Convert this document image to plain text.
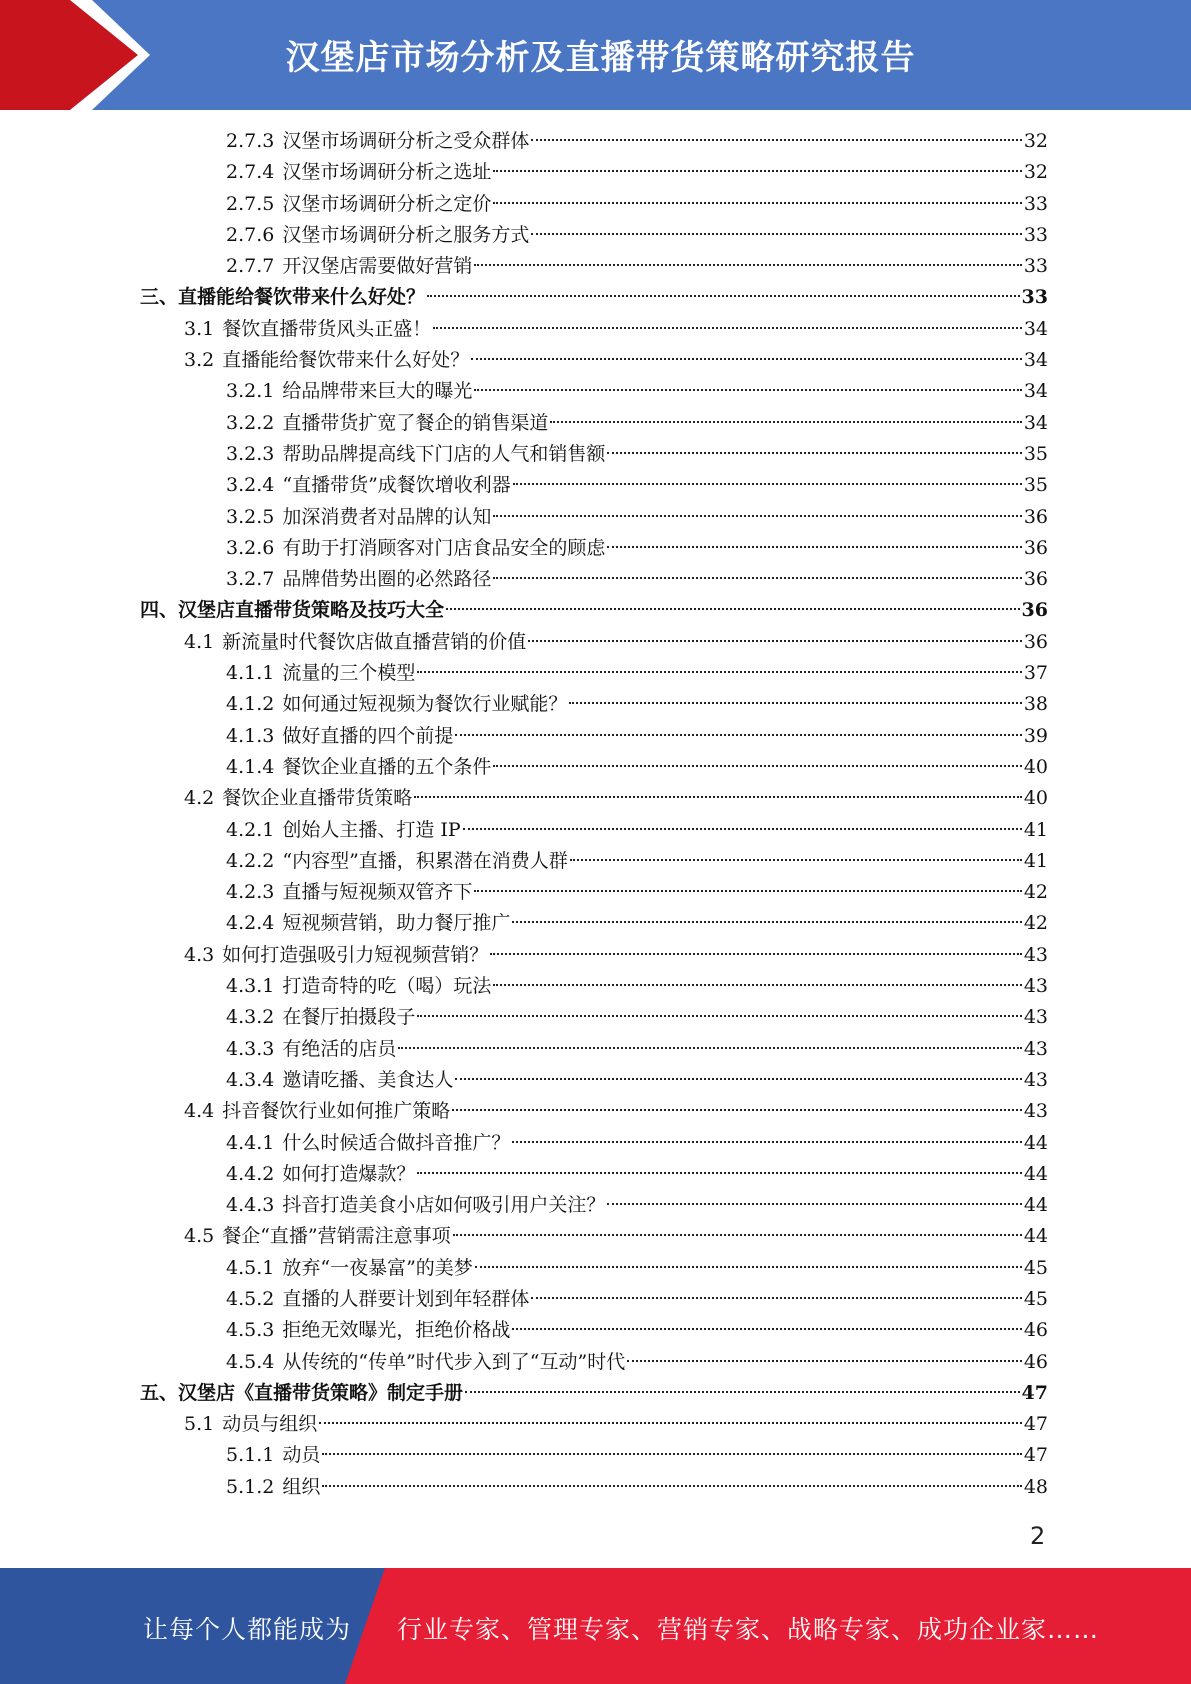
汉堡店市场分析及直播带货策略研究报告
2.7.3 汉堡市场调研分析之受众群体	32
2.7.4 汉堡市场调研分析之选址	32
2.7.5 汉堡市场调研分析之定价	33
2.7.6 汉堡市场调研分析之服务方式	33
2.7.7 开汉堡店需要做好营销	33
三、直播能给餐饮带来什么好处？	33
3.1 餐饮直播带货风头正盛！	34
3.2 直播能给餐饮带来什么好处？	34
3.2.1 给品牌带来巨大的曝光	34
3.2.2 直播带货扩宽了餐企的销售渠道	34
3.2.3 帮助品牌提高线下门店的人气和销售额	35
3.2.4 “直播带货”成餐饮增收利器	35
3.2.5 加深消费者对品牌的认知	36
3.2.6 有助于打消顾客对门店食品安全的顾虑	36
3.2.7 品牌借势出圈的必然路径	36
四、汉堡店直播带货策略及技巧大全	36
4.1 新流量时代餐饮店做直播营销的价值	36
4.1.1 流量的三个模型	37
4.1.2 如何通过短视频为餐饮行业赋能？	38
4.1.3 做好直播的四个前提	39
4.1.4 餐饮企业直播的五个条件	40
4.2 餐饮企业直播带货策略	40
4.2.1 创始人主播、打造 IP	41
4.2.2 “内容型”直播，积累潜在消费人群	41
4.2.3 直播与短视频双管齐下	42
4.2.4 短视频营销，助力餐厅推广	42
4.3 如何打造强吸引力短视频营销？	43
4.3.1 打造奇特的吃（喝）玩法	43
4.3.2 在餐厅拍摄段子	43
4.3.3 有绝活的店员	43
4.3.4 邀请吃播、美食达人	43
4.4 抖音餐饮行业如何推广策略	43
4.4.1 什么时候适合做抖音推广？	44
4.4.2 如何打造爆款？	44
4.4.3 抖音打造美食小店如何吸引用户关注？	44
4.5 餐企“直播”营销需注意事项	44
4.5.1 放弃“一夜暴富”的美梦	45
4.5.2 直播的人群要计划到年轻群体	45
4.5.3 拒绝无效曝光，拒绝价格战	46
4.5.4 从传统的“传单”时代步入到了“互动”时代	46
五、汉堡店《直播带货策略》制定手册	47
5.1 动员与组织	47
5.1.1 动员	47
5.1.2 组织	48
2
让每个人都能成为 行业专家、管理专家、营销专家、战略专家、成功企业家……
